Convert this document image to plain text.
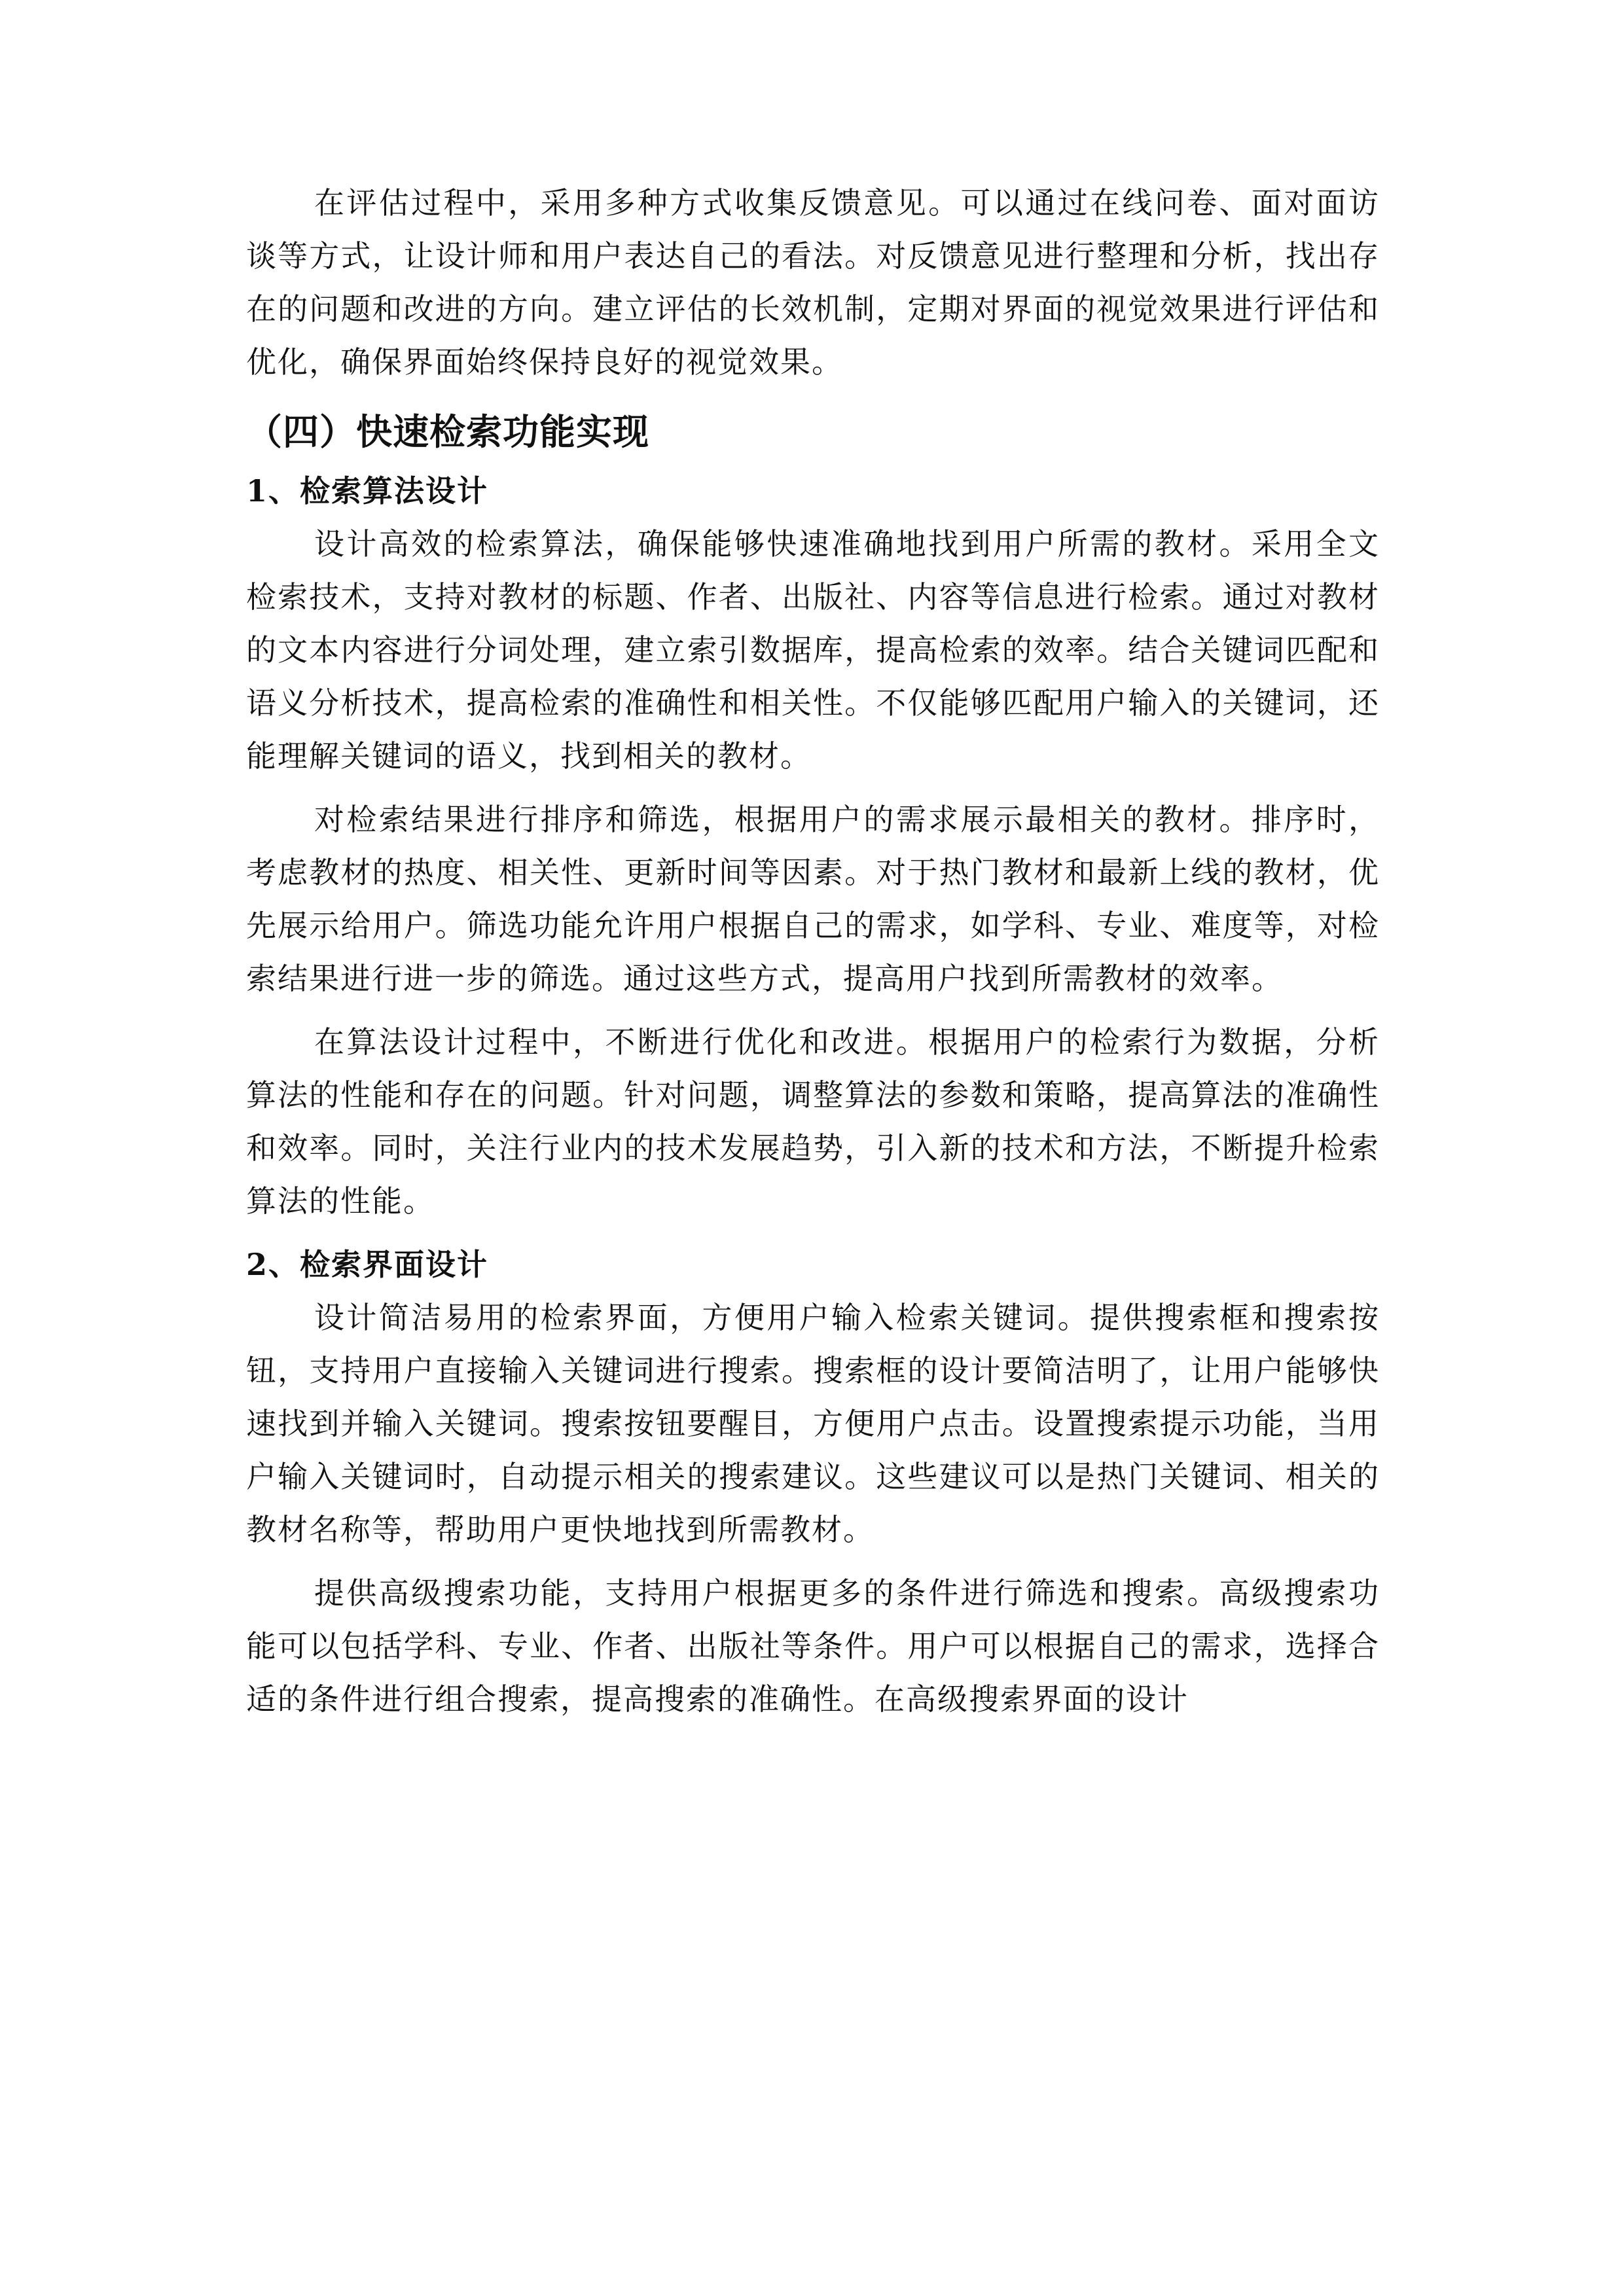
在评估过程中，采用多种方式收集反馈意见。可以通过在线问卷、面对面访谈等方式，让设计师和用户表达自己的看法。对反馈意见进行整理和分析，找出存在的问题和改进的方向。建立评估的长效机制，定期对界面的视觉效果进行评估和优化，确保界面始终保持良好的视觉效果。

（四）快速检索功能实现
1、检索算法设计

设计高效的检索算法，确保能够快速准确地找到用户所需的教材。采用全文检索技术，支持对教材的标题、作者、出版社、内容等信息进行检索。通过对教材的文本内容进行分词处理，建立索引数据库，提高检索的效率。结合关键词匹配和语义分析技术，提高检索的准确性和相关性。不仅能够匹配用户输入的关键词，还能理解关键词的语义，找到相关的教材。

对检索结果进行排序和筛选，根据用户的需求展示最相关的教材。排序时，考虑教材的热度、相关性、更新时间等因素。对于热门教材和最新上线的教材，优先展示给用户。筛选功能允许用户根据自己的需求，如学科、专业、难度等，对检索结果进行进一步的筛选。通过这些方式，提高用户找到所需教材的效率。

在算法设计过程中，不断进行优化和改进。根据用户的检索行为数据，分析算法的性能和存在的问题。针对问题，调整算法的参数和策略，提高算法的准确性和效率。同时，关注行业内的技术发展趋势，引入新的技术和方法，不断提升检索算法的性能。

2、检索界面设计

设计简洁易用的检索界面，方便用户输入检索关键词。提供搜索框和搜索按钮，支持用户直接输入关键词进行搜索。搜索框的设计要简洁明了，让用户能够快速找到并输入关键词。搜索按钮要醒目，方便用户点击。设置搜索提示功能，当用户输入关键词时，自动提示相关的搜索建议。这些建议可以是热门关键词、相关的教材名称等，帮助用户更快地找到所需教材。

提供高级搜索功能，支持用户根据更多的条件进行筛选和搜索。高级搜索功能可以包括学科、专业、作者、出版社等条件。用户可以根据自己的需求，选择合适的条件进行组合搜索，提高搜索的准确性。在高级搜索界面的设计
